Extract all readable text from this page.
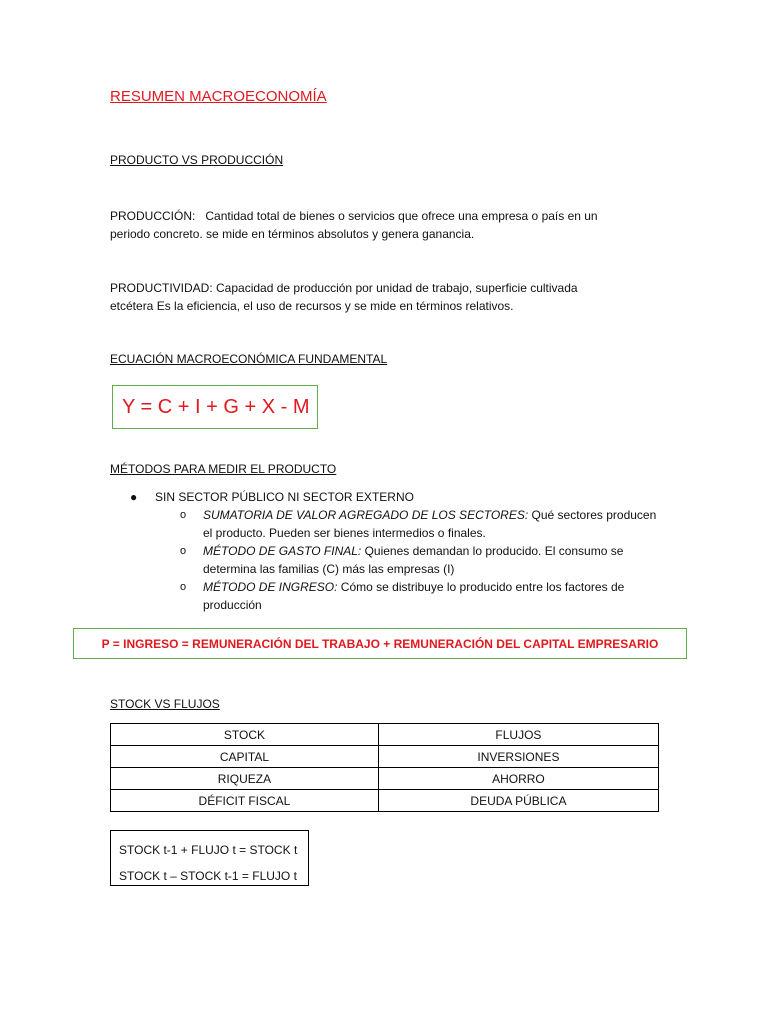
RESUMEN MACROECONOMÍA
PRODUCTO VS PRODUCCIÓN
PRODUCCIÓN: Cantidad total de bienes o servicios que ofrece una empresa o país en un
periodo concreto. se mide en términos absolutos y genera ganancia.
PRODUCTIVIDAD: Capacidad de producción por unidad de trabajo, superficie cultivada
etcétera Es la eficiencia, el uso de recursos y se mide en términos relativos.
ECUACIÓN MACROECONÓMICA FUNDAMENTAL
Y = C + I + G + X - M
MÉTODOS PARA MEDIR EL PRODUCTO
● SIN SECTOR PÚBLICO NI SECTOR EXTERNO
o SUMATORIA DE VALOR AGREGADO DE LOS SECTORES: Qué sectores producen
el producto. Pueden ser bienes intermedios o finales.
o MÉTODO DE GASTO FINAL: Quienes demandan lo producido. El consumo se
determina las familias (C) más las empresas (I)
o MÉTODO DE INGRESO: Cómo se distribuye lo producido entre los factores de
producción
P = INGRESO = REMUNERACIÓN DEL TRABAJO + REMUNERACIÓN DEL CAPITAL EMPRESARIO
STOCK VS FLUJOS
STOCK	FLUJOS
CAPITAL	INVERSIONES
RIQUEZA	AHORRO
DÉFICIT FISCAL	DEUDA PÚBLICA
STOCK t-1 + FLUJO t = STOCK t
STOCK t – STOCK t-1 = FLUJO t
